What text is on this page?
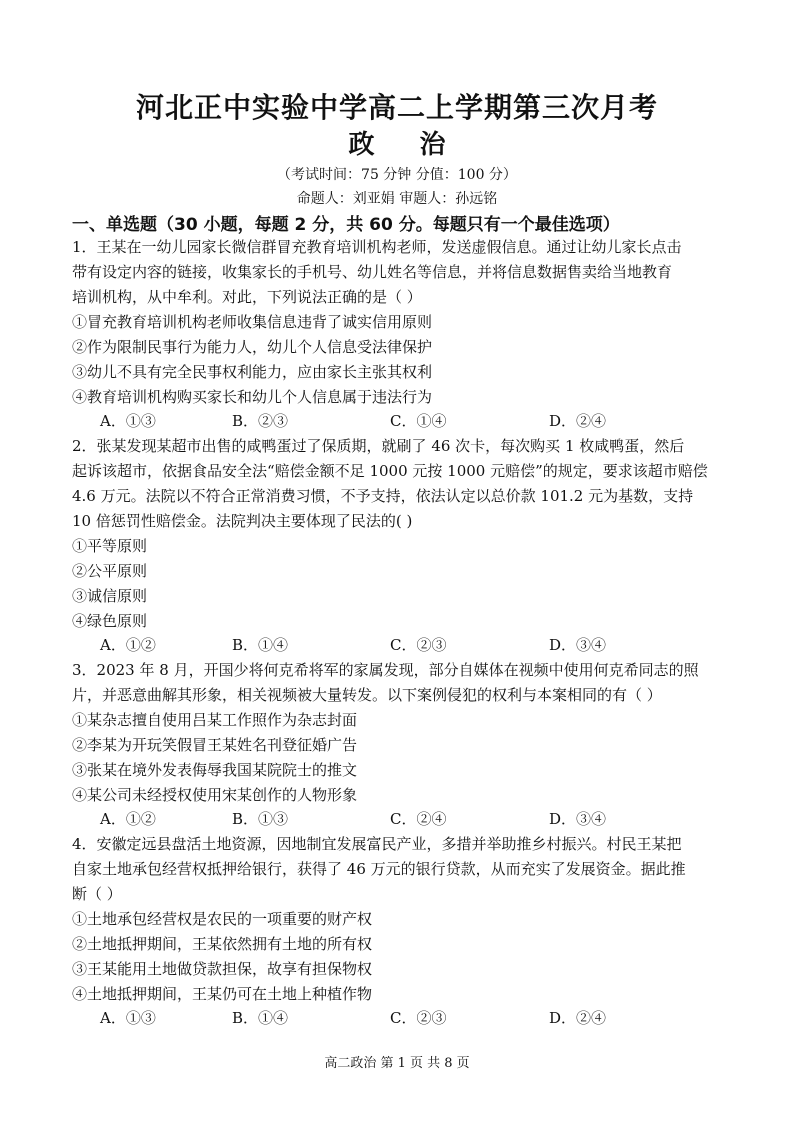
河北正中实验中学高二上学期第三次月考
政 治
（考试时间：75 分钟 分值：100 分）
命题人：刘亚娟 审题人：孙远铭
一、单选题（30 小题，每题 2 分，共 60 分。每题只有一个最佳选项）
1．王某在一幼儿园家长微信群冒充教育培训机构老师，发送虚假信息。通过让幼儿家长点击
带有设定内容的链接，收集家长的手机号、幼儿姓名等信息，并将信息数据售卖给当地教育
培训机构，从中牟利。对此，下列说法正确的是（ ）
①冒充教育培训机构老师收集信息违背了诚实信用原则
②作为限制民事行为能力人，幼儿个人信息受法律保护
③幼儿不具有完全民事权利能力，应由家长主张其权利
④教育培训机构购买家长和幼儿个人信息属于违法行为
A．①③	B．②③	C．①④	D．②④
2．张某发现某超市出售的咸鸭蛋过了保质期，就刷了 46 次卡，每次购买 1 枚咸鸭蛋，然后
起诉该超市，依据食品安全法“赔偿金额不足 1000 元按 1000 元赔偿”的规定，要求该超市赔偿
4.6 万元。法院以不符合正常消费习惯，不予支持，依法认定以总价款 101.2 元为基数，支持
10 倍惩罚性赔偿金。法院判决主要体现了民法的( )
①平等原则
②公平原则
③诚信原则
④绿色原则
A．①②	B．①④	C．②③	D．③④
3．2023 年 8 月，开国少将何克希将军的家属发现，部分自媒体在视频中使用何克希同志的照
片，并恶意曲解其形象，相关视频被大量转发。以下案例侵犯的权利与本案相同的有（ ）
①某杂志擅自使用吕某工作照作为杂志封面
②李某为开玩笑假冒王某姓名刊登征婚广告
③张某在境外发表侮辱我国某院院士的推文
④某公司未经授权使用宋某创作的人物形象
A．①②	B．①③	C．②④	D．③④
4．安徽定远县盘活土地资源，因地制宜发展富民产业，多措并举助推乡村振兴。村民王某把
自家土地承包经营权抵押给银行，获得了 46 万元的银行贷款，从而充实了发展资金。据此推
断（ ）
①土地承包经营权是农民的一项重要的财产权
②土地抵押期间，王某依然拥有土地的所有权
③王某能用土地做贷款担保，故享有担保物权
④土地抵押期间，王某仍可在土地上种植作物
A．①③	B．①④	C．②③	D．②④
高二政治 第 1 页 共 8 页
